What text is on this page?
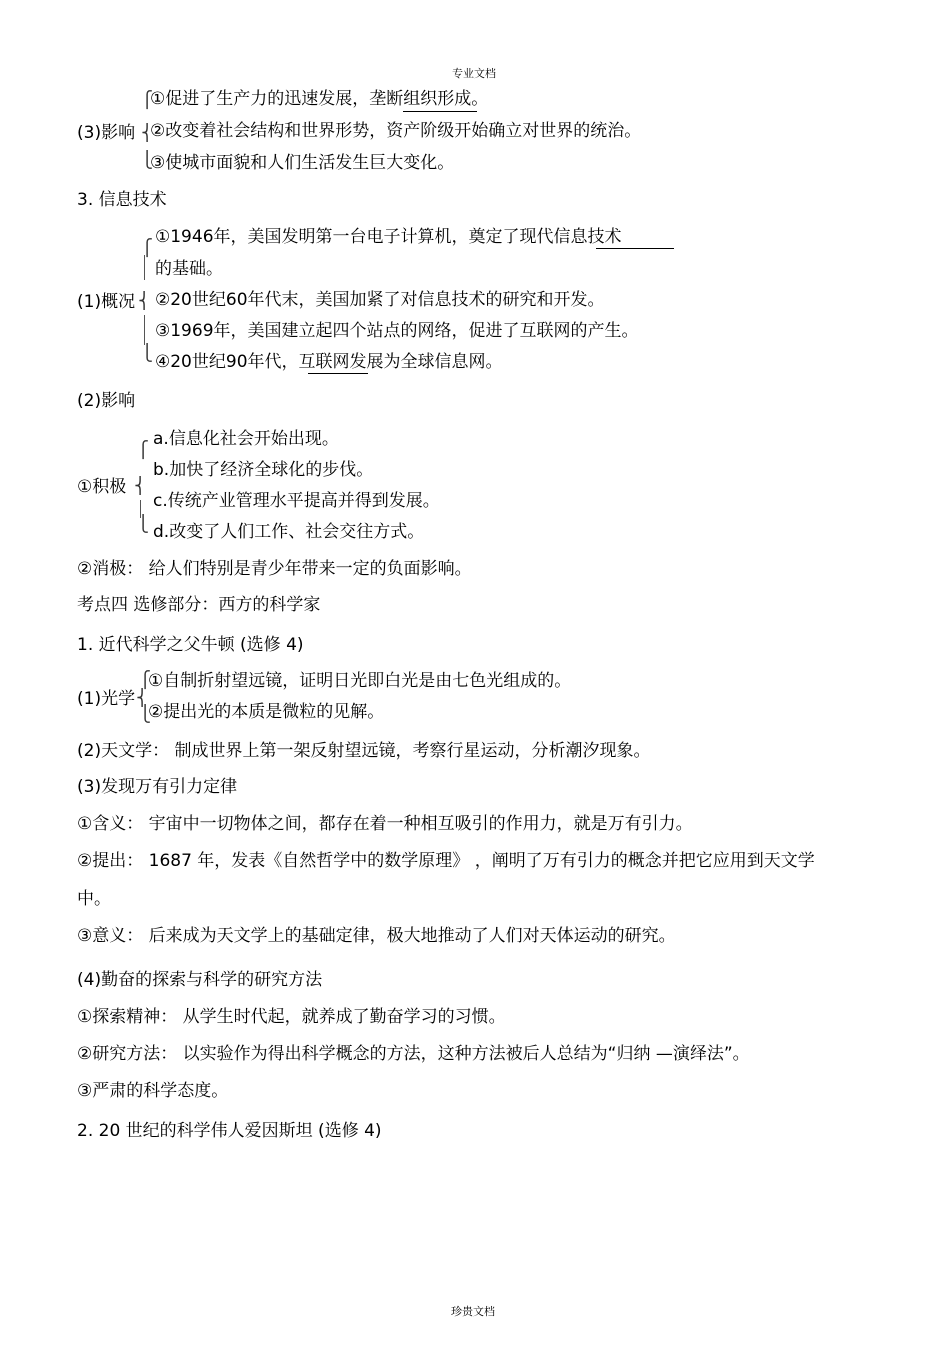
专业文档
⎧
⎨
⎩
①促进了生产力的迅速发展，垄断组织形成。
(3)影响 ②改变着社会结构和世界形势，资产阶级开始确立对世界的统治。
③使城市面貌和人们生活发生巨大变化。
3. 信息技术
⎧
⎨
⎩
①1946年，美国发明第一台电子计算机，奠定了现代信息技术
的基础。
(1)概况 ②20世纪60年代末，美国加紧了对信息技术的研究和开发。
③1969年，美国建立起四个站点的网络，促进了互联网的产生。
④20世纪90年代，互联网发展为全球信息网。
(2)影响
⎧
⎨
⎩
a.信息化社会开始出现。
b.加快了经济全球化的步伐。
①积极
c.传统产业管理水平提高并得到发展。
d.改变了人们工作、社会交往方式。
②消极： 给人们特别是青少年带来一定的负面影响。
考点四 选修部分：西方的科学家
1. 近代科学之父牛顿 (选修 4)
⎧
⎨
⎩
①自制折射望远镜，证明日光即白光是由七色光组成的。
(1)光学
②提出光的本质是微粒的见解。
(2)天文学： 制成世界上第一架反射望远镜，考察行星运动，分析潮汐现象。
(3)发现万有引力定律
①含义： 宇宙中一切物体之间，都存在着一种相互吸引的作用力，就是万有引力。
②提出： 1687 年，发表《自然哲学中的数学原理》 ，阐明了万有引力的概念并把它应用到天文学
中。
③意义： 后来成为天文学上的基础定律，极大地推动了人们对天体运动的研究。
(4)勤奋的探索与科学的研究方法
①探索精神： 从学生时代起，就养成了勤奋学习的习惯。
②研究方法： 以实验作为得出科学概念的方法，这种方法被后人总结为“归纳 —演绎法”。
③严肃的科学态度。
2. 20 世纪的科学伟人爱因斯坦 (选修 4)
珍贵文档
